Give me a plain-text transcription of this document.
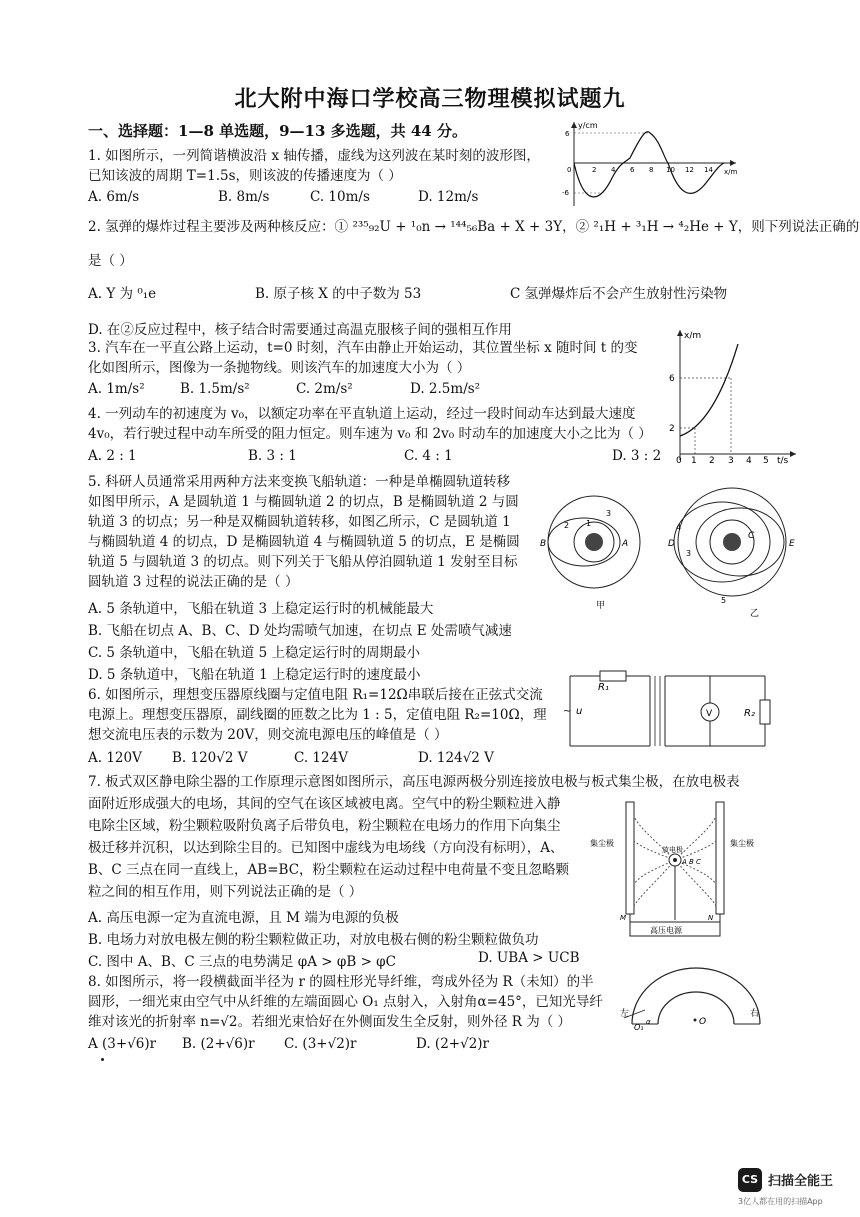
北大附中海口学校高三物理模拟试题九
一、选择题：1—8 单选题，9—13 多选题，共 44 分。
1. 如图所示，一列简谐横波沿 x 轴传播，虚线为这列波在某时刻的波形图，
已知该波的周期 T=1.5s，则该波的传播速度为（ ）
A. 6m/s	B. 8m/s	C. 10m/s	D. 12m/s
y/cm
x/m
6
-6
0	2 4 6 8 10 12 14
2. 氢弹的爆炸过程主要涉及两种核反应：① ²³⁵₉₂U + ¹₀n → ¹⁴⁴₅₆Ba + X + 3Y，② ²₁H + ³₁H → ⁴₂He + Y，则下列说法正确的
是（ ）
A. Y 为 ⁰₁e	B. 原子核 X 的中子数为 53	C 氢弹爆炸后不会产生放射性污染物
D. 在②反应过程中，核子结合时需要通过高温克服核子间的强相互作用
3. 汽车在一平直公路上运动，t=0 时刻，汽车由静止开始运动，其位置坐标 x 随时间 t 的变
化如图所示，图像为一条抛物线。则该汽车的加速度大小为（ ）
A. 1m/s²	B. 1.5m/s²	C. 2m/s²	D. 2.5m/s²
x/m
t/s
2
6
0 1 2 3 4 5
4. 一列动车的初速度为 v₀，以额定功率在平直轨道上运动，经过一段时间动车达到最大速度
4v₀，若行驶过程中动车所受的阻力恒定。则车速为 v₀ 和 2v₀ 时动车的加速度大小之比为（ ）
A. 2 : 1	B. 3 : 1	C. 4 : 1	D. 3 : 2
5. 科研人员通常采用两种方法来变换飞船轨道：一种是单椭圆轨道转移
如图甲所示，A 是圆轨道 1 与椭圆轨道 2 的切点，B 是椭圆轨道 2 与圆
轨道 3 的切点；另一种是双椭圆轨道转移，如图乙所示，C 是圆轨道 1
与椭圆轨道 4 的切点，D 是椭圆轨道 4 与椭圆轨道 5 的切点，E 是椭圆
轨道 5 与圆轨道 3 的切点。则下列关于飞船从停泊圆轨道 1 发射至目标
圆轨道 3 过程的说法正确的是（ ）
A. 5 条轨道中，飞船在轨道 3 上稳定运行时的机械能最大
B. 飞船在切点 A、B、C、D 处均需喷气加速，在切点 E 处需喷气减速
C. 5 条轨道中，飞船在轨道 5 上稳定运行时的周期最小
D. 5 条轨道中，飞船在轨道 1 上稳定运行时的速度最小
B	A
1
2
3
甲
D
C
E
4
3
5
乙
6. 如图所示，理想变压器原线圈与定值电阻 R₁=12Ω串联后接在正弦式交流
电源上。理想变压器原，副线圈的匝数之比为 1 : 5，定值电阻 R₂=10Ω，理
想交流电压表的示数为 20V，则交流电源电压的峰值是（ ）
A. 120V B. 120√2 V	C. 124V	D. 124√2 V
V
R₁
R₂
~ u
7. 板式双区静电除尘器的工作原理示意图如图所示，高压电源两极分别连接放电极与板式集尘极，在放电极表
面附近形成强大的电场，其间的空气在该区域被电离。空气中的粉尘颗粒进入静
电除尘区域，粉尘颗粒吸附负离子后带负电，粉尘颗粒在电场力的作用下向集尘
极迁移并沉积，以达到除尘目的。已知图中虚线为电场线（方向没有标明），A、
B、C 三点在同一直线上，AB=BC，粉尘颗粒在运动过程中电荷量不变且忽略颗
粒之间的相互作用，则下列说法正确的是（ ）
A. 高压电源一定为直流电源，且 M 端为电源的负极
B. 电场力对放电极左侧的粉尘颗粒做正功，对放电极右侧的粉尘颗粒做负功
C. 图中 A、B、C 三点的电势满足 φA > φB > φC	D. UBA > UCB
集尘极	集尘极
放电极
A B C
高压电源
M	N
8. 如图所示，将一段横截面半径为 r 的圆柱形光导纤维，弯成外径为 R（未知）的半
圆形，一细光束由空气中从纤维的左端面圆心 O₁ 点射入，入射角α=45°，已知光导纤
维对该光的折射率 n=√2。若细光束恰好在外侧面发生全反射，则外径 R 为（ ）
A (3+√6)r B. (2+√6)r C. (3+√2)r	D. (2+√2)r
O
O₁
α
左	右
CS 扫描全能王
3亿人都在用的扫描App
